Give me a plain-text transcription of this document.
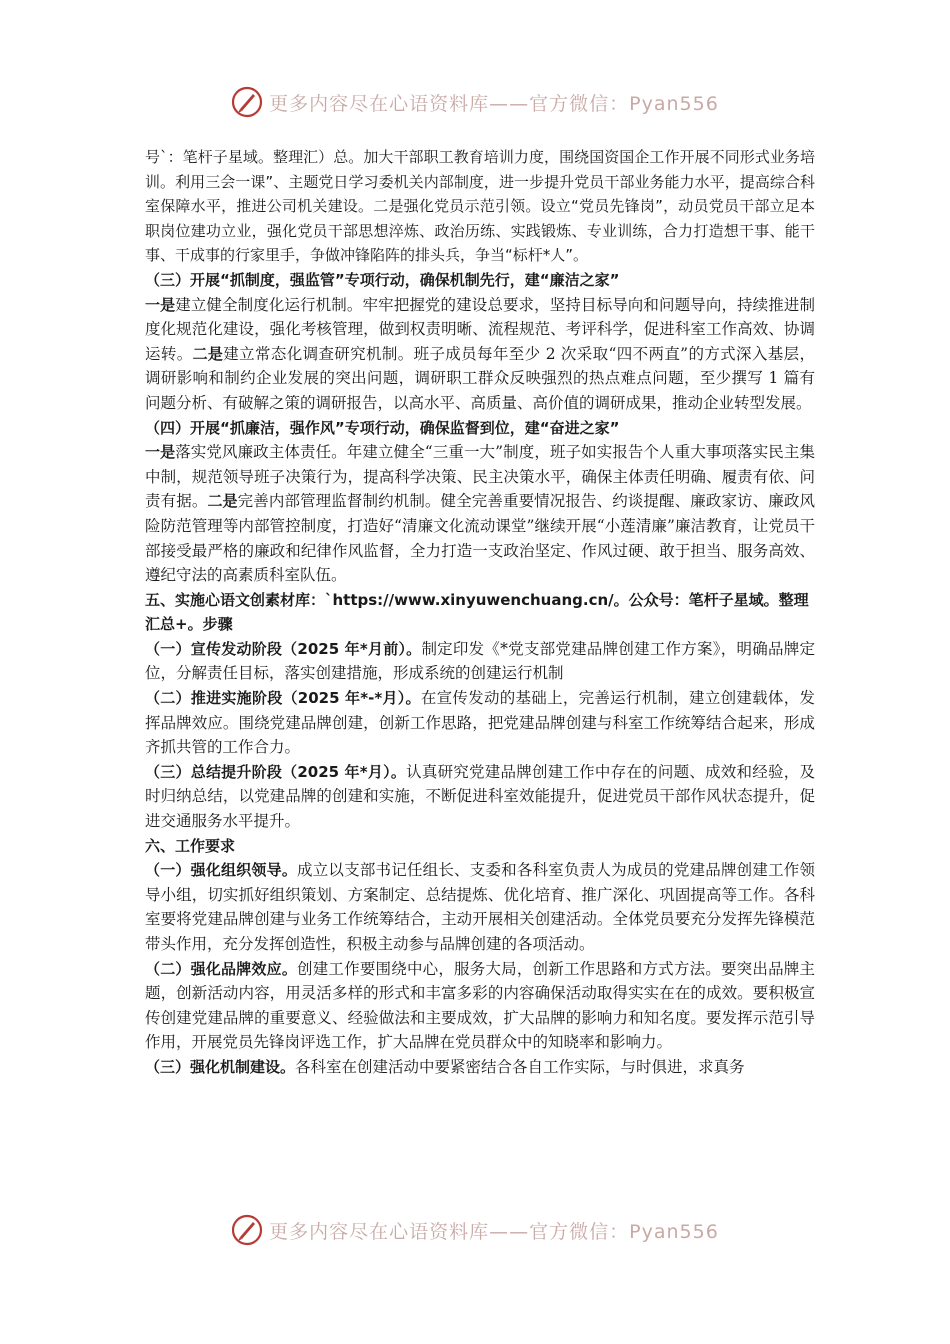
更多内容尽在心语资料库——官方微信：Pyan556

号`：笔杆子星域。整理汇）总。加大干部职工教育培训力度，围绕国资国企工作开展不同形式业务培训。利用三会一课”、主题党日学习委机关内部制度，进一步提升党员干部业务能力水平，提高综合科室保障水平，推进公司机关建设。二是强化党员示范引领。设立“党员先锋岗”，动员党员干部立足本职岗位建功立业，强化党员干部思想淬炼、政治历练、实践锻炼、专业训练，合力打造想干事、能干事、干成事的行家里手，争做冲锋陷阵的排头兵，争当“标杆*人”。

（三）开展“抓制度，强监管”专项行动，确保机制先行，建“廉洁之家”

一是建立健全制度化运行机制。牢牢把握党的建设总要求，坚持目标导向和问题导向，持续推进制度化规范化建设，强化考核管理，做到权责明晰、流程规范、考评科学，促进科室工作高效、协调运转。二是建立常态化调查研究机制。班子成员每年至少 2 次采取“四不两直”的方式深入基层，调研影响和制约企业发展的突出问题，调研职工群众反映强烈的热点难点问题，至少撰写 1 篇有问题分析、有破解之策的调研报告，以高水平、高质量、高价值的调研成果，推动企业转型发展。

（四）开展“抓廉洁，强作风”专项行动，确保监督到位，建“奋进之家”

一是落实党风廉政主体责任。年建立健全“三重一大”制度，班子如实报告个人重大事项落实民主集中制，规范领导班子决策行为，提高科学决策、民主决策水平，确保主体责任明确、履责有依、问责有据。二是完善内部管理监督制约机制。健全完善重要情况报告、约谈提醒、廉政家访、廉政风险防范管理等内部管控制度，打造好“清廉文化流动课堂”继续开展“小莲清廉”廉洁教育，让党员干部接受最严格的廉政和纪律作风监督，全力打造一支政治坚定、作风过硬、敢于担当、服务高效、遵纪守法的高素质科室队伍。

五、实施心语文创素材库：`https://www.xinyuwenchuang.cn/。公众号：笔杆子星域。整理汇总+。步骤

（一）宣传发动阶段（2025 年*月前）。制定印发《*党支部党建品牌创建工作方案》，明确品牌定位，分解责任目标，落实创建措施，形成系统的创建运行机制

（二）推进实施阶段（2025 年*-*月）。在宣传发动的基础上，完善运行机制，建立创建载体，发挥品牌效应。围绕党建品牌创建，创新工作思路，把党建品牌创建与科室工作统筹结合起来，形成齐抓共管的工作合力。

（三）总结提升阶段（2025 年*月）。认真研究党建品牌创建工作中存在的问题、成效和经验，及时归纳总结，以党建品牌的创建和实施，不断促进科室效能提升，促进党员干部作风状态提升，促进交通服务水平提升。

六、工作要求

（一）强化组织领导。成立以支部书记任组长、支委和各科室负责人为成员的党建品牌创建工作领导小组，切实抓好组织策划、方案制定、总结提炼、优化培育、推广深化、巩固提高等工作。各科室要将党建品牌创建与业务工作统筹结合，主动开展相关创建活动。全体党员要充分发挥先锋模范带头作用，充分发挥创造性，积极主动参与品牌创建的各项活动。

（二）强化品牌效应。创建工作要围绕中心，服务大局，创新工作思路和方式方法。要突出品牌主题，创新活动内容，用灵活多样的形式和丰富多彩的内容确保活动取得实实在在的成效。要积极宣传创建党建品牌的重要意义、经验做法和主要成效，扩大品牌的影响力和知名度。要发挥示范引导作用，开展党员先锋岗评选工作，扩大品牌在党员群众中的知晓率和影响力。

（三）强化机制建设。各科室在创建活动中要紧密结合各自工作实际，与时俱进，求真务

更多内容尽在心语资料库——官方微信：Pyan556
